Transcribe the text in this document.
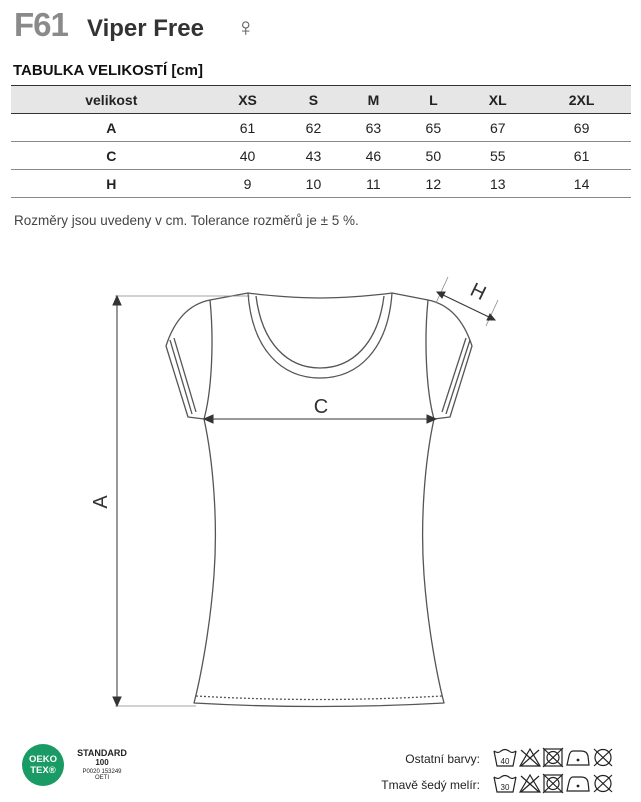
F61 Viper Free ♀
TABULKA VELIKOSTÍ [cm]
velikost	XS	S	M	L	XL	2XL
A	61	62	63	65	67	69
C	40	43	46	50	55	61
H	9	10	11	12	13	14
Rozměry jsou uvedeny v cm. Tolerance rozměrů je ± 5 %.
A
C
H
OEKO
TEX®
STANDARD
100
P0020 153249
OETI
Ostatní barvy:
Tmavě šedý melír:
40
30
